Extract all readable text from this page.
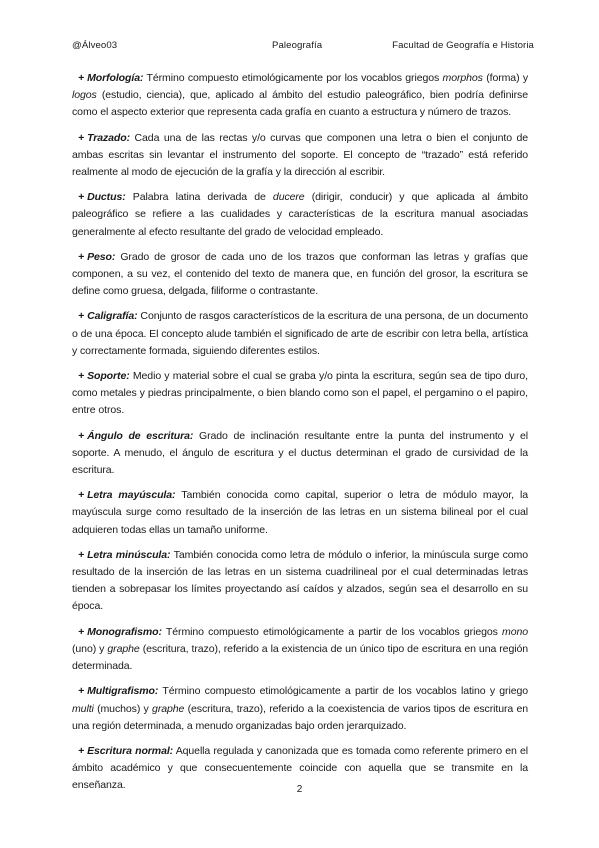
@Álveo03	Paleografía	Facultad de Geografía e Historia

+ Morfología: Término compuesto etimológicamente por los vocablos griegos morphos (forma) y logos (estudio, ciencia), que, aplicado al ámbito del estudio paleográfico, bien podría definirse como el aspecto exterior que representa cada grafía en cuanto a estructura y número de trazos.

+ Trazado: Cada una de las rectas y/o curvas que componen una letra o bien el conjunto de ambas escritas sin levantar el instrumento del soporte. El concepto de “trazado” está referido realmente al modo de ejecución de la grafía y la dirección al escribir.

+ Ductus: Palabra latina derivada de ducere (dirigir, conducir) y que aplicada al ámbito paleográfico se refiere a las cualidades y características de la escritura manual asociadas generalmente al efecto resultante del grado de velocidad empleado.

+ Peso: Grado de grosor de cada uno de los trazos que conforman las letras y grafías que componen, a su vez, el contenido del texto de manera que, en función del grosor, la escritura se define como gruesa, delgada, filiforme o contrastante.

+ Caligrafía: Conjunto de rasgos característicos de la escritura de una persona, de un documento o de una época. El concepto alude también el significado de arte de escribir con letra bella, artística y correctamente formada, siguiendo diferentes estilos.

+ Soporte: Medio y material sobre el cual se graba y/o pinta la escritura, según sea de tipo duro, como metales y piedras principalmente, o bien blando como son el papel, el pergamino o el papiro, entre otros.

+ Ángulo de escritura: Grado de inclinación resultante entre la punta del instrumento y el soporte. A menudo, el ángulo de escritura y el ductus determinan el grado de cursividad de la escritura.

+ Letra mayúscula: También conocida como capital, superior o letra de módulo mayor, la mayúscula surge como resultado de la inserción de las letras en un sistema bilineal por el cual adquieren todas ellas un tamaño uniforme.

+ Letra minúscula: También conocida como letra de módulo o inferior, la minúscula surge como resultado de la inserción de las letras en un sistema cuadrilineal por el cual determinadas letras tienden a sobrepasar los límites proyectando así caídos y alzados, según sea el desarrollo en su época.

+ Monografismo: Término compuesto etimológicamente a partir de los vocablos griegos mono (uno) y graphe (escritura, trazo), referido a la existencia de un único tipo de escritura en una región determinada.

+ Multigrafismo: Término compuesto etimológicamente a partir de los vocablos latino y griego multi (muchos) y graphe (escritura, trazo), referido a la coexistencia de varios tipos de escritura en una región determinada, a menudo organizadas bajo orden jerarquizado.

+ Escritura normal: Aquella regulada y canonizada que es tomada como referente primero en el ámbito académico y que consecuentemente coincide con aquella que se transmite en la enseñanza.	2
